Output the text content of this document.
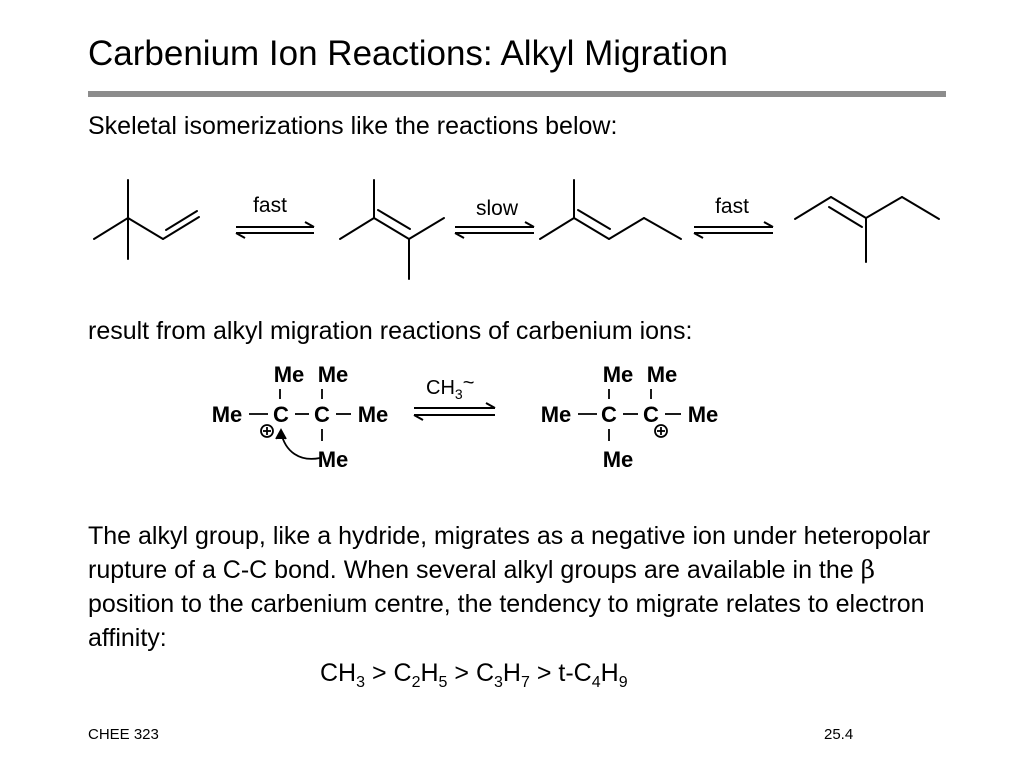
Carbenium Ion Reactions: Alkyl Migration

Skeletal isomerizations like the reactions below:

fast	slow	fast
Me Me
Me C C Me
Me
$CH_3\sim$	Me Me
Me C C Me
Me

result from alkyl migration reactions of carbenium ions:

The alkyl group, like a hydride, migrates as a negative ion under heteropolar rupture of a C-C bond. When several alkyl groups are available in the β position to the carbenium centre, the tendency to migrate relates to electron affinity:

$CH_3 > C_2H_5 > C_3H_7 > t-C_4H_9$
CHEE 323	25.4
